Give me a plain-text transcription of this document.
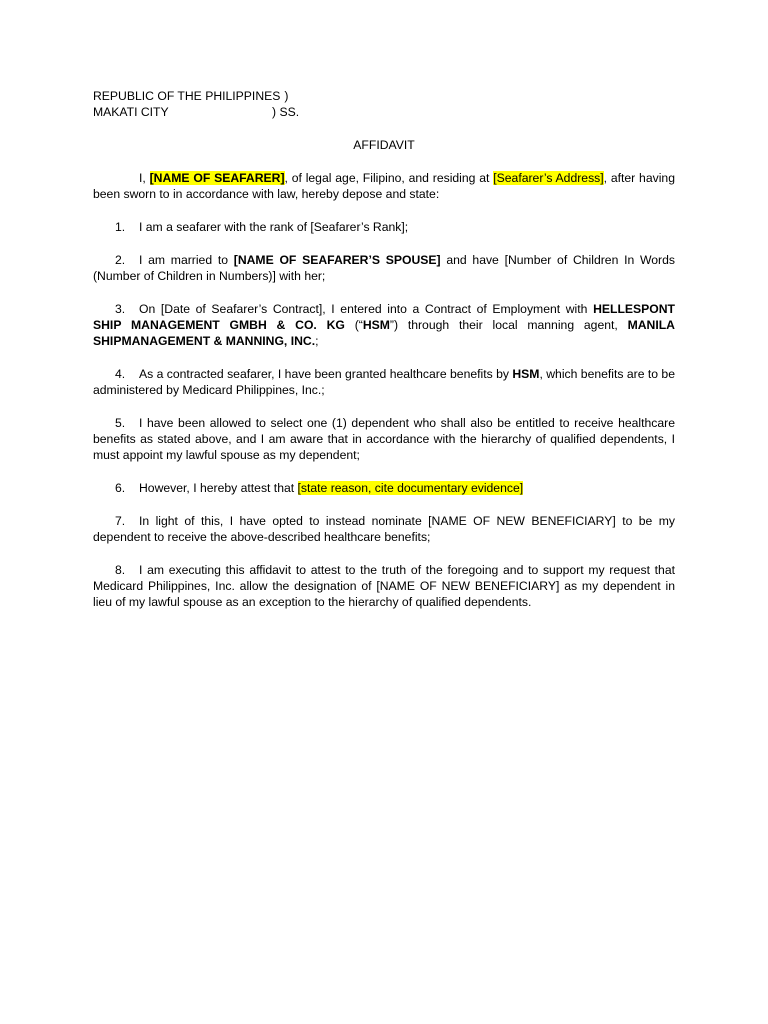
REPUBLIC OF THE PHILIPPINES )
MAKATI CITY	) SS.
AFFIDAVIT

I, [NAME OF SEAFARER], of legal age, Filipino, and residing at [Seafarer’s Address], after having been sworn to in accordance with law, hereby depose and state:

1. I am a seafarer with the rank of [Seafarer’s Rank];

2. I am married to [NAME OF SEAFARER’S SPOUSE] and have [Number of Children In Words (Number of Children in Numbers)] with her;

3. On [Date of Seafarer’s Contract], I entered into a Contract of Employment with HELLESPONT SHIP MANAGEMENT GMBH & CO. KG (“HSM”) through their local manning agent, MANILA SHIPMANAGEMENT & MANNING, INC.;

4. As a contracted seafarer, I have been granted healthcare benefits by HSM, which benefits are to be administered by Medicard Philippines, Inc.;

5. I have been allowed to select one (1) dependent who shall also be entitled to receive healthcare benefits as stated above, and I am aware that in accordance with the hierarchy of qualified dependents, I must appoint my lawful spouse as my dependent;

6. However, I hereby attest that [state reason, cite documentary evidence]

7. In light of this, I have opted to instead nominate [NAME OF NEW BENEFICIARY] to be my dependent to receive the above-described healthcare benefits;

8. I am executing this affidavit to attest to the truth of the foregoing and to support my request that Medicard Philippines, Inc. allow the designation of [NAME OF NEW BENEFICIARY] as my dependent in lieu of my lawful spouse as an exception to the hierarchy of qualified dependents.
